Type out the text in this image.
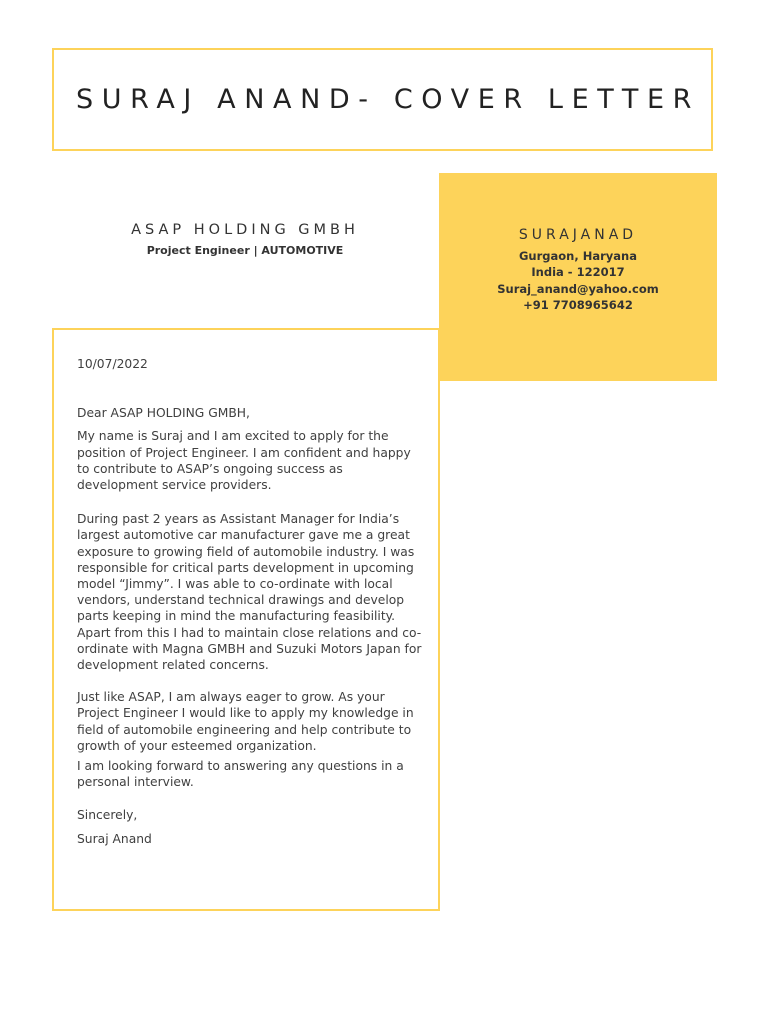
SURAJ ANAND- COVER LETTER
ASAP HOLDING GMBH
Project Engineer | AUTOMOTIVE
SURAJANAD
Gurgaon, Haryana
India - 122017
Suraj_anand@yahoo.com
+91 7708965642

10/07/2022

Dear ASAP HOLDING GMBH,

My name is Suraj and I am excited to apply for the position of Project Engineer. I am confident and happy to contribute to ASAP’s ongoing success as development service providers.

During past 2 years as Assistant Manager for India’s largest automotive car manufacturer gave me a great exposure to growing field of automobile industry. I was responsible for critical parts development in upcoming model “Jimmy”. I was able to co-ordinate with local vendors, understand technical drawings and develop parts keeping in mind the manufacturing feasibility. Apart from this I had to maintain close relations and co-ordinate with Magna GMBH and Suzuki Motors Japan for development related concerns.

Just like ASAP, I am always eager to grow. As your Project Engineer I would like to apply my knowledge in field of automobile engineering and help contribute to growth of your esteemed organization.

I am looking forward to answering any questions in a personal interview.

Sincerely,

Suraj Anand
